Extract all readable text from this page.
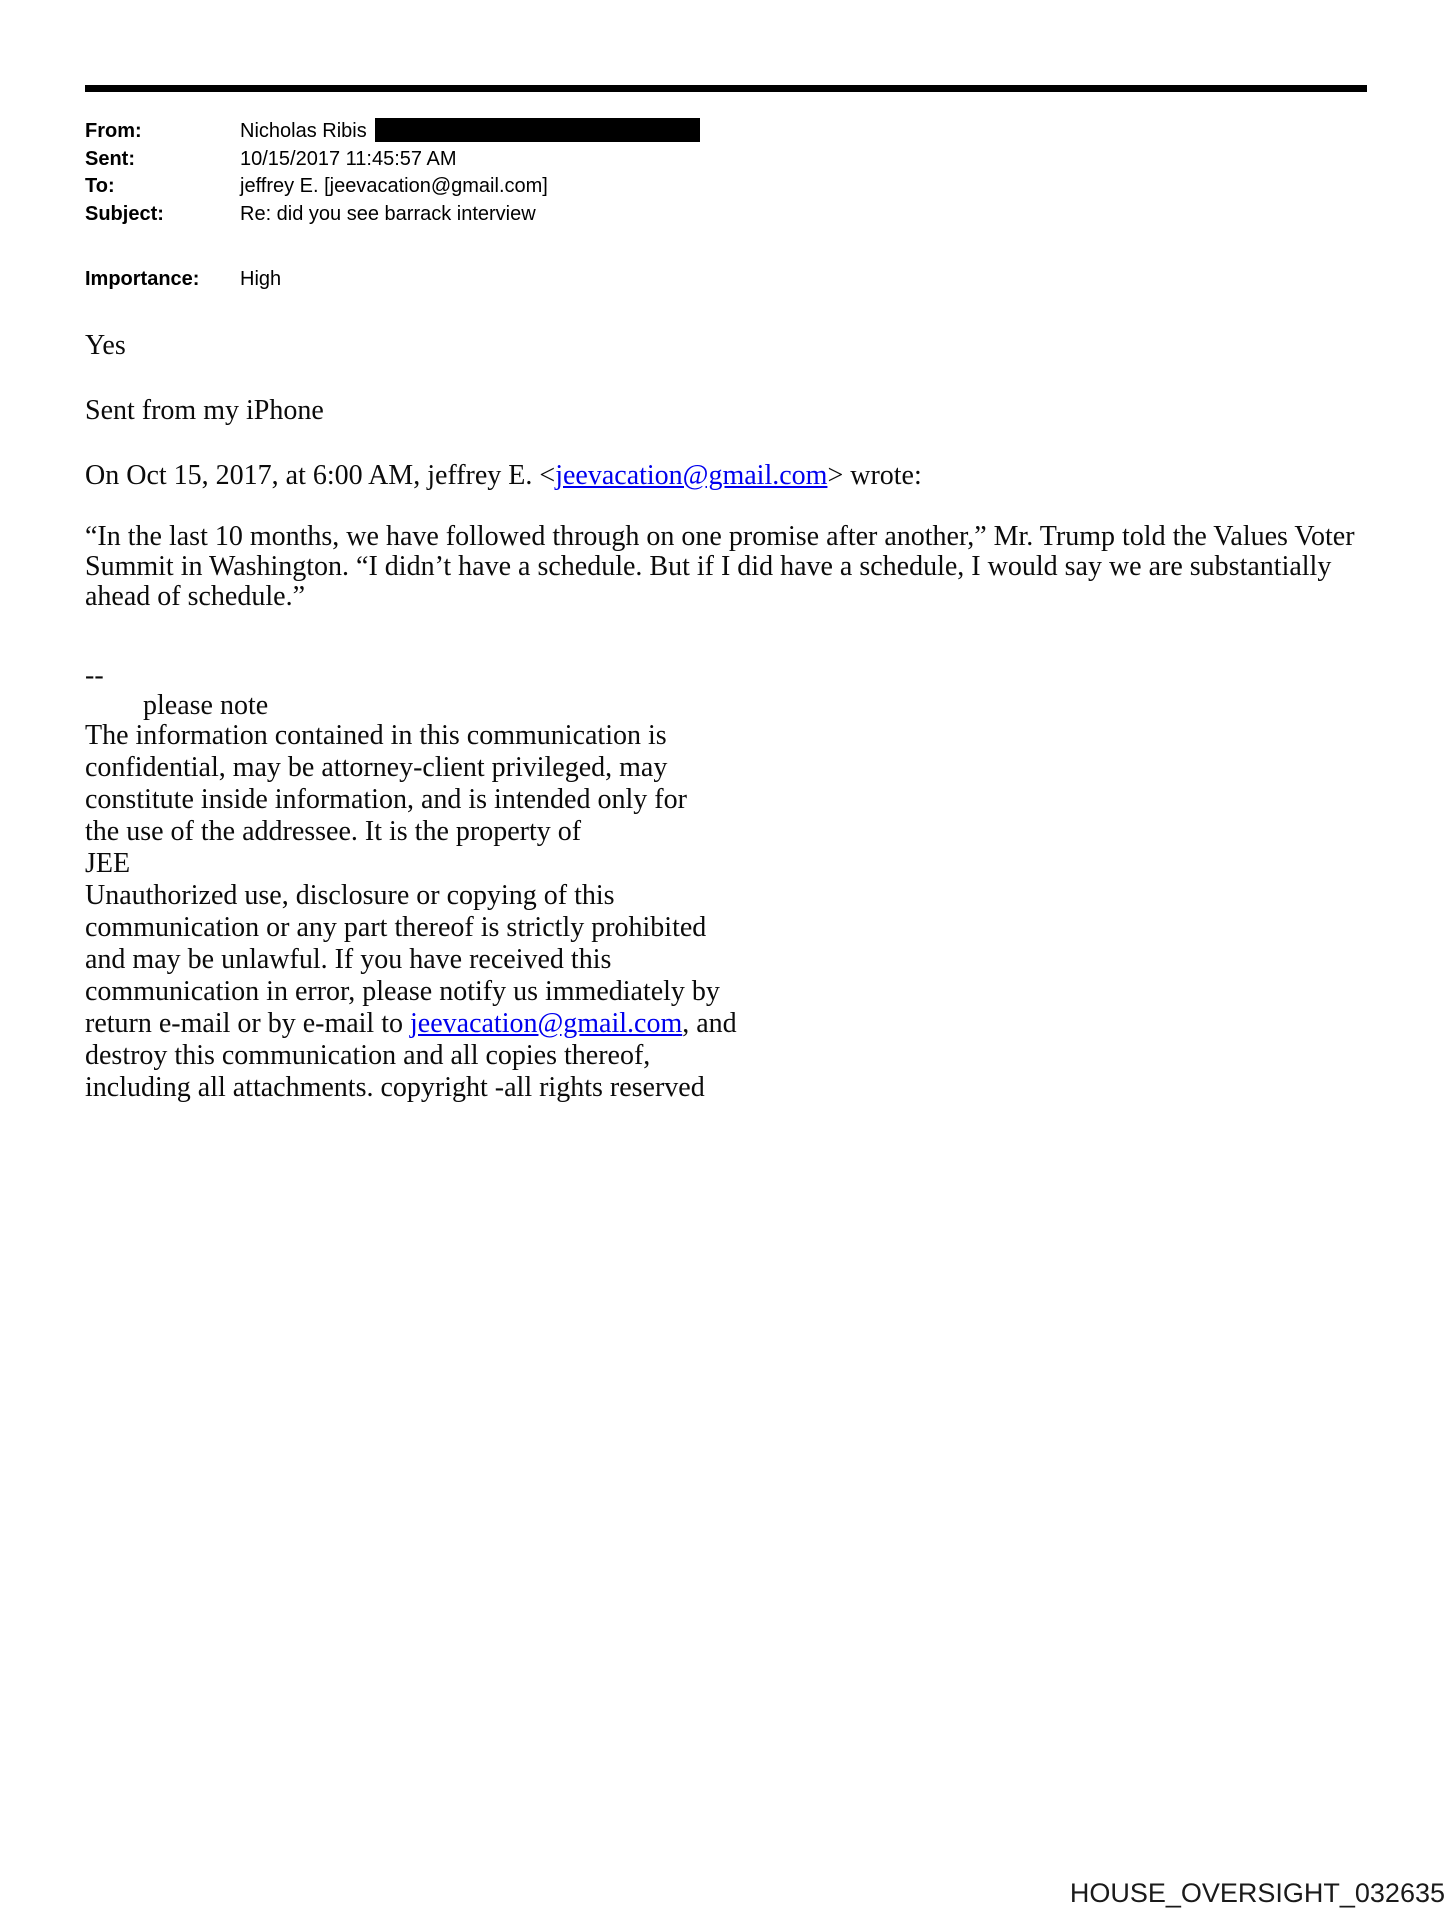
From:	Nicholas Ribis
Sent:	10/15/2017 11:45:57 AM
To:	jeffrey E. [jeevacation@gmail.com]
Subject:	Re: did you see barrack interview
Importance:	High
Yes
Sent from my iPhone
On Oct 15, 2017, at 6:00 AM, jeffrey E. <jeevacation@gmail.com> wrote:
“In the last 10 months, we have followed through on one promise after another,” Mr. Trump told the Values Voter Summit in Washington. “I didn’t have a schedule. But if I did have a schedule, I would say we are substantially ahead of schedule.”
--
please note
The information contained in this communication is
confidential, may be attorney-client privileged, may
constitute inside information, and is intended only for
the use of the addressee. It is the property of
JEE
Unauthorized use, disclosure or copying of this
communication or any part thereof is strictly prohibited
and may be unlawful. If you have received this
communication in error, please notify us immediately by
return e-mail or by e-mail to jeevacation@gmail.com, and
destroy this communication and all copies thereof,
including all attachments. copyright -all rights reserved
HOUSE_OVERSIGHT_032635
